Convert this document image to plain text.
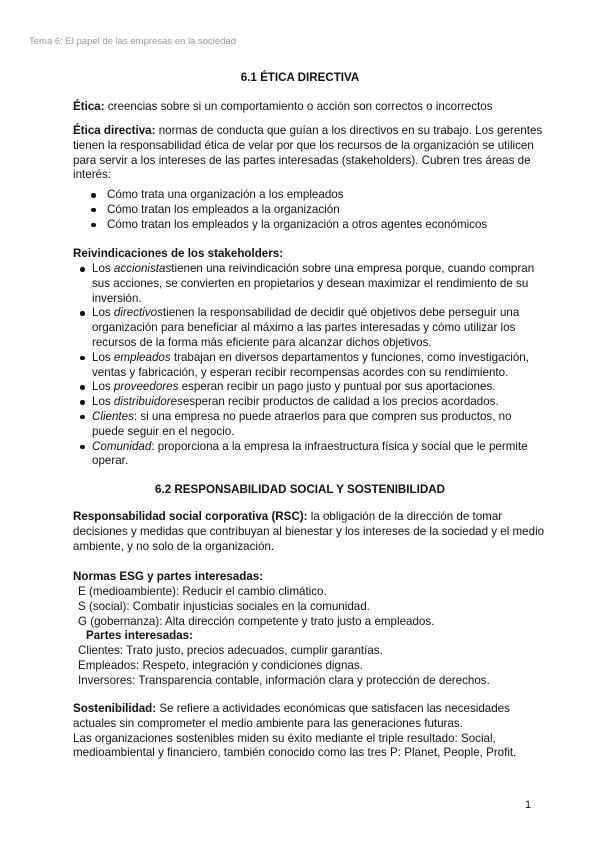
Tema 6: El papel de las empresas en la sociedad
6.1 ÉTICA DIRECTIVA
Ética: creencias sobre si un comportamiento o acción son correctos o incorrectos
Ética directiva: normas de conducta que guían a los directivos en su trabajo. Los gerentes
tienen la responsabilidad ética de velar por que los recursos de la organización se utilicen
para servir a los intereses de las partes interesadas (stakeholders). Cubren tres áreas de
interés:
Cómo trata una organización a los empleados
Cómo tratan los empleados a la organización
Cómo tratan los empleados y la organización a otros agentes económicos
Reivindicaciones de los stakeholders:
Los accionistastienen una reivindicación sobre una empresa porque, cuando compran
sus acciones, se convierten en propietarios y desean maximizar el rendimiento de su
inversión.
Los directivostienen la responsabilidad de decidir qué objetivos debe perseguir una
organización para beneficiar al máximo a las partes interesadas y cómo utilizar los
recursos de la forma más eficiente para alcanzar dichos objetivos.
Los empleados trabajan en diversos departamentos y funciones, como investigación,
ventas y fabricación, y esperan recibir recompensas acordes con su rendimiento.
Los proveedores esperan recibir un pago justo y puntual por sus aportaciones.
Los distribuidoresesperan recibir productos de calidad a los precios acordados.
Clientes: si una empresa no puede atraerlos para que compren sus productos, no
puede seguir en el negocio.
Comunidad: proporciona a la empresa la infraestructura física y social que le permite
operar.
6.2 RESPONSABILIDAD SOCIAL Y SOSTENIBILIDAD
Responsabilidad social corporativa (RSC): la obligación de la dirección de tomar
decisiones y medidas que contribuyan al bienestar y los intereses de la sociedad y el medio
ambiente, y no solo de la organización.
Normas ESG y partes interesadas:
E (medioambiente): Reducir el cambio climático.
S (social): Combatir injusticias sociales en la comunidad.
G (gobernanza): Alta dirección competente y trato justo a empleados.
Partes interesadas:
Clientes: Trato justo, precios adecuados, cumplir garantías.
Empleados: Respeto, integración y condiciones dignas.
Inversores: Transparencia contable, información clara y protección de derechos.
Sostenibilidad: Se refiere a actividades económicas que satisfacen las necesidades
actuales sin comprometer el medio ambiente para las generaciones futuras.
Las organizaciones sostenibles miden su éxito mediante el triple resultado: Social,
medioambiental y financiero, también conocido como las tres P: Planet, People, Profit.
1
